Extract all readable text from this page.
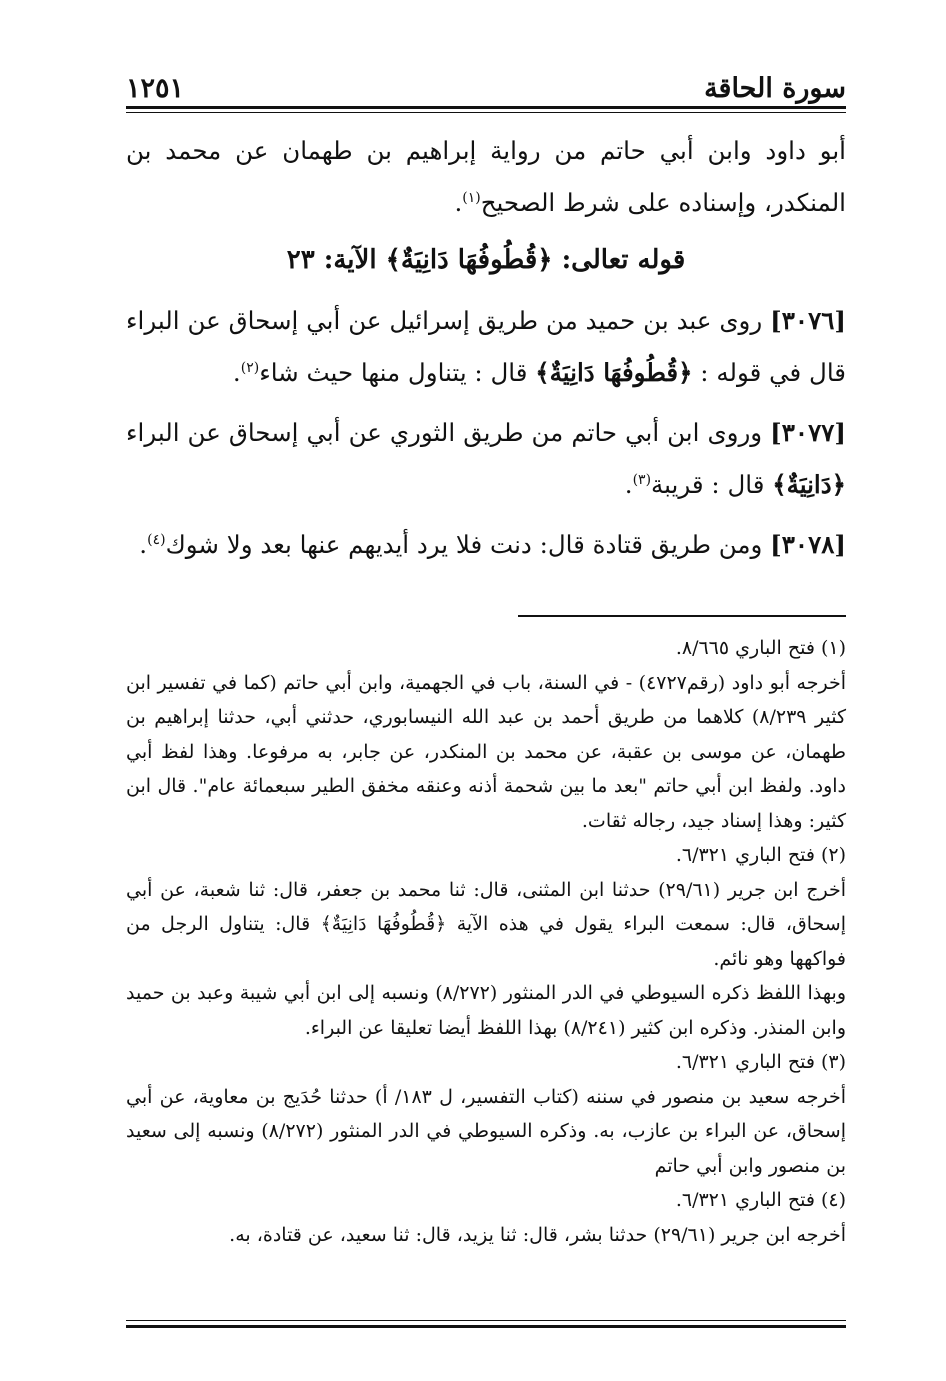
سورة الحاقة
١٢٥١

أبو داود وابن أبي حاتم من رواية إبراهيم بن طهمان عن محمد بن المنكدر، وإسناده على شرط الصحيح$^{(١)}$.

قوله تعالى: ﴿قُطُوفُهَا دَانِيَةٌ﴾ الآية: ٢٣

[٣٠٧٦] روى عبد بن حميد من طريق إسرائيل عن أبي إسحاق عن البراء قال في قوله : ﴿قُطُوفُهَا دَانِيَةٌ﴾ قال : يتناول منها حيث شاء$^{(٢)}$.

[٣٠٧٧] وروى ابن أبي حاتم من طريق الثوري عن أبي إسحاق عن البراء ﴿دَانِيَةٌ﴾ قال : قريبة$^{(٣)}$.

[٣٠٧٨] ومن طريق قتادة قال: دنت فلا يرد أيديهم عنها بعد ولا شوك$^{(٤)}$.

(١) فتح الباري ٨/٦٦٥.

أخرجه أبو داود (رقم٤٧٢٧) - في السنة، باب في الجهمية، وابن أبي حاتم (كما في تفسير ابن كثير ٨/٢٣٩) كلاهما من طريق أحمد بن عبد الله النيسابوري، حدثني أبي، حدثنا إبراهيم بن طهمان، عن موسى بن عقبة، عن محمد بن المنكدر، عن جابر، به مرفوعا. وهذا لفظ أبي داود. ولفظ ابن أبي حاتم "بعد ما بين شحمة أذنه وعنقه مخفق الطير سبعمائة عام". قال ابن كثير: وهذا إسناد جيد، رجاله ثقات.

(٢) فتح الباري ٦/٣٢١.

أخرج ابن جرير (٢٩/٦١) حدثنا ابن المثنى، قال: ثنا محمد بن جعفر، قال: ثنا شعبة، عن أبي إسحاق، قال: سمعت البراء يقول في هذه الآية ﴿قُطُوفُهَا دَانِيَةٌ﴾ قال: يتناول الرجل من فواكهها وهو نائم.

وبهذا اللفظ ذكره السيوطي في الدر المنثور (٨/٢٧٢) ونسبه إلى ابن أبي شيبة وعبد بن حميد وابن المنذر. وذكره ابن كثير (٨/٢٤١) بهذا اللفظ أيضا تعليقا عن البراء.

(٣) فتح الباري ٦/٣٢١.

أخرجه سعيد بن منصور في سننه (كتاب التفسير، ل ١٨٣/ أ) حدثنا حُدَيج بن معاوية، عن أبي إسحاق، عن البراء بن عازب، به. وذكره السيوطي في الدر المنثور (٨/٢٧٢) ونسبه إلى سعيد بن منصور وابن أبي حاتم

(٤) فتح الباري ٦/٣٢١.

أخرجه ابن جرير (٢٩/٦١) حدثنا بشر، قال: ثنا يزيد، قال: ثنا سعيد، عن قتادة، به.
